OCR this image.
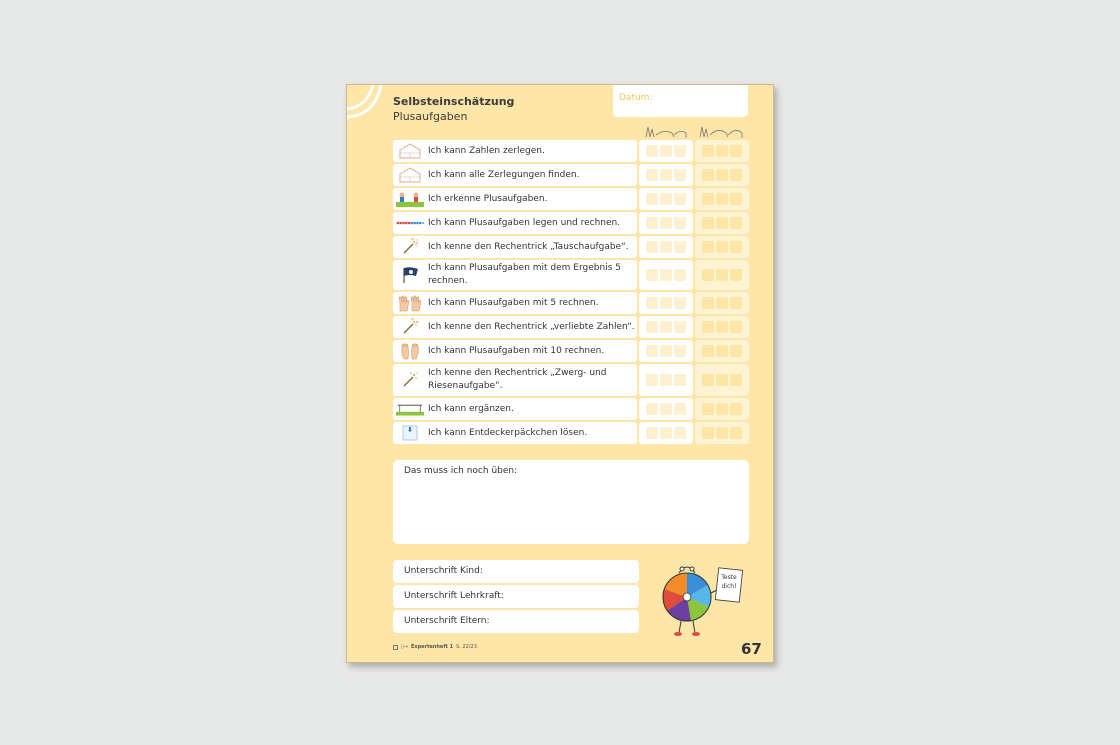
Selbsteinschätzung
Plusaufgaben
Datum:
Ich kann Zahlen zerlegen.
Ich kann alle Zerlegungen finden.
Ich erkenne Plusaufgaben.
Ich kann Plusaufgaben legen und rechnen.
Ich kenne den Rechentrick „Tauschaufgabe“.
Ich kann Plusaufgaben mit dem Ergebnis 5 rechnen.
Ich kann Plusaufgaben mit 5 rechnen.
Ich kenne den Rechentrick „verliebte Zahlen“.
Ich kann Plusaufgaben mit 10 rechnen.
Ich kenne den Rechentrick „Zwerg- und Riesenaufgabe“.
Ich kann ergänzen.
Ich kann Entdeckerpäckchen lösen.
Das muss ich noch üben:
Unterschrift Kind:
Unterschrift Lehrkraft:
Unterschrift Eltern:
Teste dich!
▯→ Expertenheft 1 S. 22/23	67
